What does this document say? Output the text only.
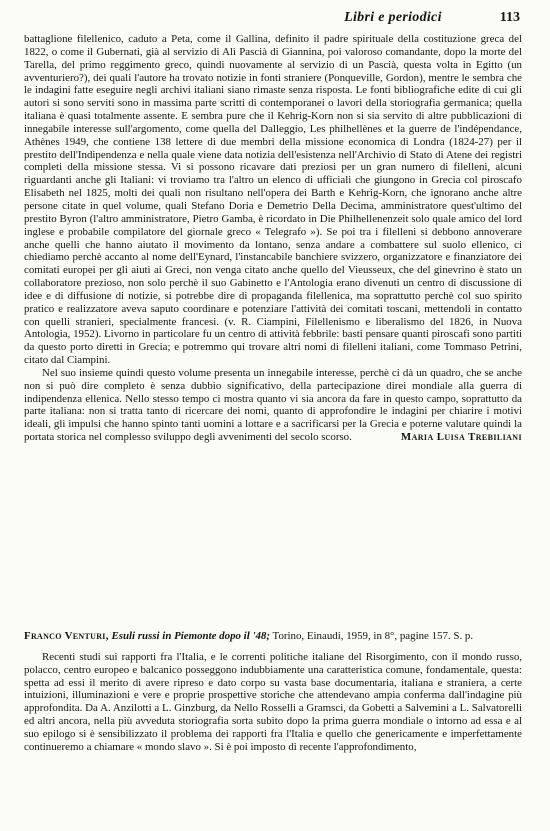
Libri e periodici	113

battaglione filellenico, caduto a Peta, come il Gallina, definito il padre spirituale della costituzione greca del 1822, o come il Gubernati, già al servizio di Alì Pascià di Giannina, poi valoroso comandante, dopo la morte del Tarella, del primo reggimento greco, quindi nuovamente al servizio di un Pascià, questa volta in Egitto (un avventuriero?), dei quali l'autore ha trovato notizie in fonti straniere (Ponqueville, Gordon), mentre le sembra che le indagini fatte eseguire negli archivi italiani siano rimaste senza risposta. Le fonti bibliografiche edite di cui gli autori si sono serviti sono in massima parte scritti di contemporanei o lavori della storiografia germanica; quella italiana è quasi totalmente assente. E sembra pure che il Kehrig-Korn non si sia servito di altre pubblicazioni di innegabile interesse sull'argomento, come quella del Dalleggio, Les philhellènes et la guerre de l'indépendance, Athènes 1949, che contiene 138 lettere di due membri della missione economica di Londra (1824-27) per il prestito dell'Indipendenza e nella quale viene data notizia dell'esistenza nell'Archivio di Stato di Atene dei registri completi della missione stessa. Vi si possono ricavare dati preziosi per un gran numero di filelleni, alcuni riguardanti anche gli Italiani: vi troviamo tra l'altro un elenco di ufficiali che giungono in Grecia col piroscafo Elisabeth nel 1825, molti dei quali non risultano nell'opera dei Barth e Kehrig-Korn, che ignorano anche altre persone citate in quel volume, quali Stefano Doria e Demetrio Della Decima, amministratore quest'ultimo del prestito Byron (l'altro amministratore, Pietro Gamba, è ricordato in Die Philhellenenzeit solo quale amico del lord inglese e probabile compilatore del giornale greco « Telegrafo »). Se poi tra i filelleni si debbono annoverare anche quelli che hanno aiutato il movimento da lontano, senza andare a combattere sul suolo ellenico, ci chiediamo perchè accanto al nome dell'Eynard, l'instancabile banchiere svizzero, organizzatore e finanziatore dei comitati europei per gli aiuti ai Greci, non venga citato anche quello del Vieusseux, che del ginevrino è stato un collaboratore prezioso, non solo perchè il suo Gabinetto e l'Antologia erano divenuti un centro di discussione di idee e di diffusione di notizie, si potrebbe dire di propaganda filellenica, ma soprattutto perchè col suo spirito pratico e realizzatore aveva saputo coordinare e potenziare l'attività dei comitati toscani, mettendoli in contatto con quelli stranieri, specialmente francesi. (v. R. Ciampini, Filellenismo e liberalismo del 1826, in Nuova Antologia, 1952). Livorno in particolare fu un centro di attività febbrile: basti pensare quanti piroscafi sono partiti da questo porto diretti in Grecia; e potremmo qui trovare altri nomi di filelleni italiani, come Tommaso Petrini, citato dal Ciampini.

Nel suo insieme quindi questo volume presenta un innegabile interesse, perchè ci dà un quadro, che se anche non si può dire completo è senza dubbio significativo, della partecipazione direi mondiale alla guerra di indipendenza ellenica. Nello stesso tempo ci mostra quanto vi sia ancora da fare in questo campo, soprattutto da parte italiana: non si tratta tanto di ricercare dei nomi, quanto di approfondire le indagini per chiarire i motivi ideali, gli impulsi che hanno spinto tanti uomini a lottare e a sacrificarsi per la Grecia e poterne valutare quindi la portata storica nel complesso sviluppo degli avvenimenti del secolo scorso.	Maria Luisa Trebiliani

Franco Venturi, Esuli russi in Piemonte dopo il '48; Torino, Einaudi, 1959, in 8°, pagine 157. S. p.

Recenti studi sui rapporti fra l'Italia, e le correnti politiche italiane del Risorgimento, con il mondo russo, polacco, centro europeo e balcanico posseggono indubbiamente una caratteristica comune, fondamentale, questa: spetta ad essi il merito di avere ripreso e dato corpo su vasta base documentaria, italiana e straniera, a certe intuizioni, illuminazioni e vere e proprie prospettive storiche che attendevano ampia conferma dall'indagine più approfondita. Da A. Anzilotti a L. Ginzburg, da Nello Rosselli a Gramsci, da Gobetti a Salvemini a L. Salvatorelli ed altri ancora, nella più avveduta storiografia sorta subito dopo la prima guerra mondiale o intorno ad essa e al suo epilogo si è sensibilizzato il problema dei rapporti fra l'Italia e quello che genericamente e imperfettamente continueremo a chiamare « mondo slavo ». Si è poi imposto di recente l'approfondimento,
